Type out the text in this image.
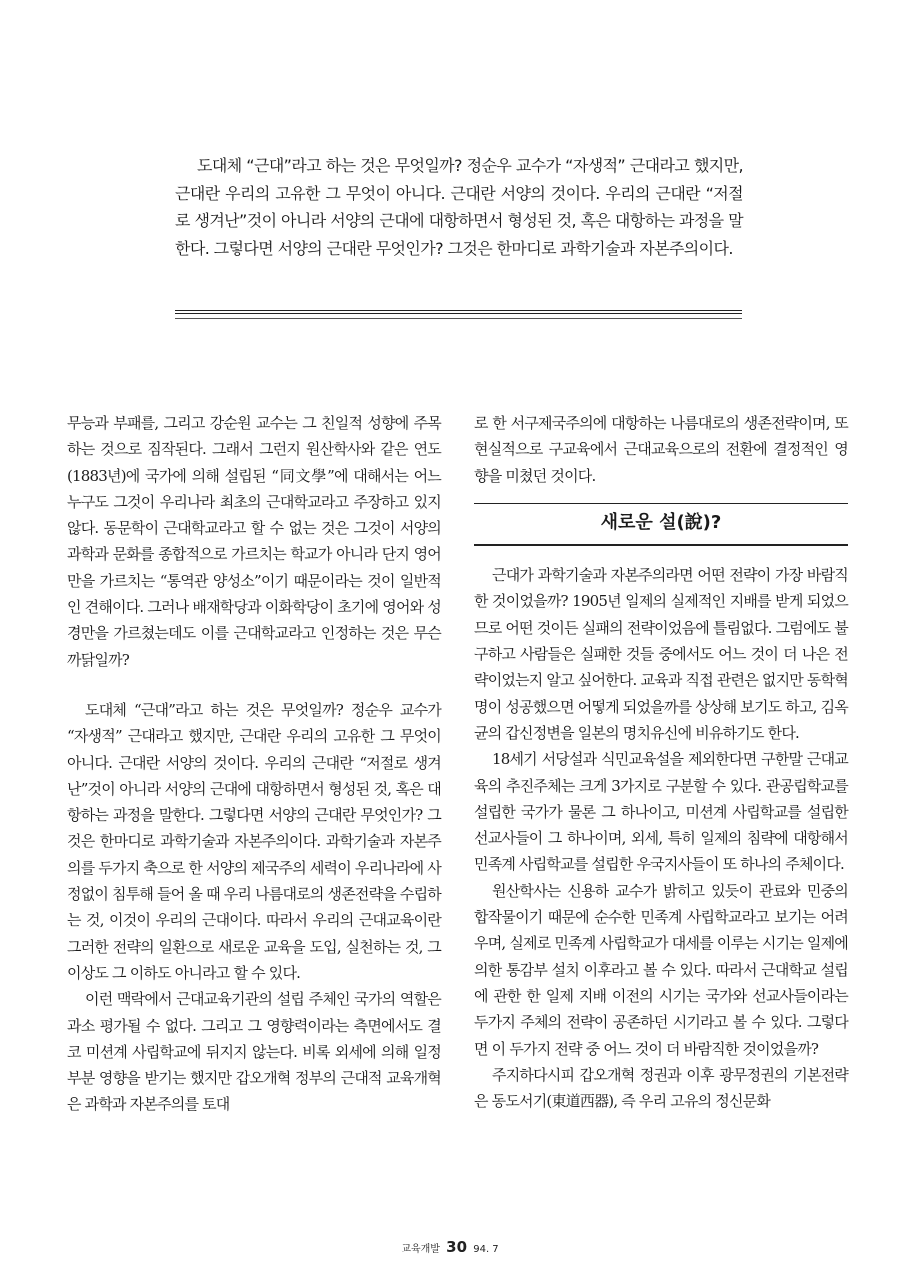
도대체 “근대”라고 하는 것은 무엇일까? 정순우 교수가 “자생적” 근대라고 했지만, 근대란 우리의 고유한 그 무엇이 아니다. 근대란 서양의 것이다. 우리의 근대란 “저절로 생겨난”것이 아니라 서양의 근대에 대항하면서 형성된 것, 혹은 대항하는 과정을 말한다. 그렇다면 서양의 근대란 무엇인가? 그것은 한마디로 과학기술과 자본주의이다.

무능과 부패를, 그리고 강순원 교수는 그 친일적 성향에 주목하는 것으로 짐작된다. 그래서 그런지 원산학사와 같은 연도(1883년)에 국가에 의해 설립된 “同文學”에 대해서는 어느 누구도 그것이 우리나라 최초의 근대학교라고 주장하고 있지 않다. 동문학이 근대학교라고 할 수 없는 것은 그것이 서양의 과학과 문화를 종합적으로 가르치는 학교가 아니라 단지 영어만을 가르치는 “통역관 양성소”이기 때문이라는 것이 일반적인 견해이다. 그러나 배재학당과 이화학당이 초기에 영어와 성경만을 가르쳤는데도 이를 근대학교라고 인정하는 것은 무슨 까닭일까?

도대체 “근대”라고 하는 것은 무엇일까? 정순우 교수가 “자생적” 근대라고 했지만, 근대란 우리의 고유한 그 무엇이 아니다. 근대란 서양의 것이다. 우리의 근대란 “저절로 생겨난”것이 아니라 서양의 근대에 대항하면서 형성된 것, 혹은 대항하는 과정을 말한다. 그렇다면 서양의 근대란 무엇인가? 그것은 한마디로 과학기술과 자본주의이다. 과학기술과 자본주의를 두가지 축으로 한 서양의 제국주의 세력이 우리나라에 사정없이 침투해 들어 올 때 우리 나름대로의 생존전략을 수립하는 것, 이것이 우리의 근대이다. 따라서 우리의 근대교육이란 그러한 전략의 일환으로 새로운 교육을 도입, 실천하는 것, 그 이상도 그 이하도 아니라고 할 수 있다.

이런 맥락에서 근대교육기관의 설립 주체인 국가의 역할은 과소 평가될 수 없다. 그리고 그 영향력이라는 측면에서도 결코 미션계 사립학교에 뒤지지 않는다. 비록 외세에 의해 일정부분 영향을 받기는 했지만 갑오개혁 정부의 근대적 교육개혁은 과학과 자본주의를 토대

로 한 서구제국주의에 대항하는 나름대로의 생존전략이며, 또 현실적으로 구교육에서 근대교육으로의 전환에 결정적인 영향을 미쳤던 것이다.

새로운 설(說)?

근대가 과학기술과 자본주의라면 어떤 전략이 가장 바람직한 것이었을까? 1905년 일제의 실제적인 지배를 받게 되었으므로 어떤 것이든 실패의 전략이었음에 틀림없다. 그럼에도 불구하고 사람들은 실패한 것들 중에서도 어느 것이 더 나은 전략이었는지 알고 싶어한다. 교육과 직접 관련은 없지만 동학혁명이 성공했으면 어떻게 되었을까를 상상해 보기도 하고, 김옥균의 갑신정변을 일본의 명치유신에 비유하기도 한다.

18세기 서당설과 식민교육설을 제외한다면 구한말 근대교육의 추진주체는 크게 3가지로 구분할 수 있다. 관공립학교를 설립한 국가가 물론 그 하나이고, 미션계 사립학교를 설립한 선교사들이 그 하나이며, 외세, 특히 일제의 침략에 대항해서 민족계 사립학교를 설립한 우국지사들이 또 하나의 주체이다.

원산학사는 신용하 교수가 밝히고 있듯이 관료와 민중의 합작물이기 때문에 순수한 민족계 사립학교라고 보기는 어려우며, 실제로 민족계 사립학교가 대세를 이루는 시기는 일제에 의한 통감부 설치 이후라고 볼 수 있다. 따라서 근대학교 설립에 관한 한 일제 지배 이전의 시기는 국가와 선교사들이라는 두가지 주체의 전략이 공존하던 시기라고 볼 수 있다. 그렇다면 이 두가지 전략 중 어느 것이 더 바람직한 것이었을까?

주지하다시피 갑오개혁 정권과 이후 광무정권의 기본전략은 동도서기(東道西器), 즉 우리 고유의 정신문화

교육개발 30 94. 7
